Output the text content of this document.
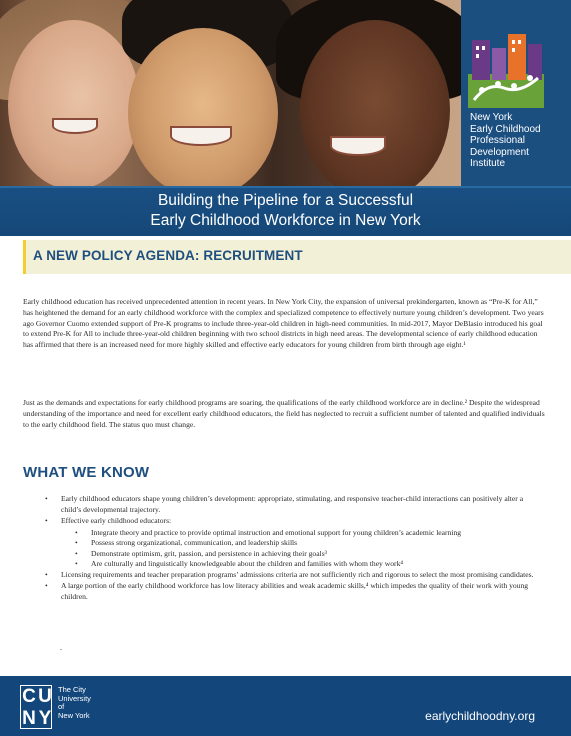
New York
Early Childhood
Professional
Development
Institute
Building the Pipeline for a Successful
Early Childhood Workforce in New York
A NEW POLICY AGENDA: RECRUITMENT

Early childhood education has received unprecedented attention in recent years. In New York City, the expansion of universal prekindergarten, known as “Pre-K for All,” has heightened the demand for an early childhood workforce with the complex and specialized competence to effectively nurture young children’s development. Two years ago Governor Cuomo extended support of Pre-K programs to include three-year-old children in high-need communities. In mid-2017, Mayor DeBlasio introduced his goal to extend Pre-K for All to include three-year-old children beginning with two school districts in high need areas. The developmental science of early childhood education has affirmed that there is an increased need for more highly skilled and effective early educators for young children from birth through age eight.¹

Just as the demands and expectations for early childhood programs are soaring, the qualifications of the early childhood workforce are in decline.² Despite the widespread understanding of the importance and need for excellent early childhood educators, the field has neglected to recruit a sufficient number of talented and qualified individuals to the early childhood field. The status quo must change.

WHAT WE KNOW
• Early childhood educators shape young children’s development: appropriate, stimulating, and responsive teacher-child interactions can positively alter a child’s developmental trajectory.
• Effective early childhood educators:
• Integrate theory and practice to provide optimal instruction and emotional support for young children’s academic learning
• Possess strong organizational, communication, and leadership skills
• Demonstrate optimism, grit, passion, and persistence in achieving their goals³
• Are culturally and linguistically knowledgeable about the children and families with whom they work⁴
• Licensing requirements and teacher preparation programs’ admissions criteria are not sufficiently rich and rigorous to select the most promising candidates.
• A large portion of the early childhood workforce has low literacy abilities and weak academic skills,⁴ which impedes the quality of their work with young children.
.
C U
N Y
The City
University
of
New York	earlychildhoodny.org
